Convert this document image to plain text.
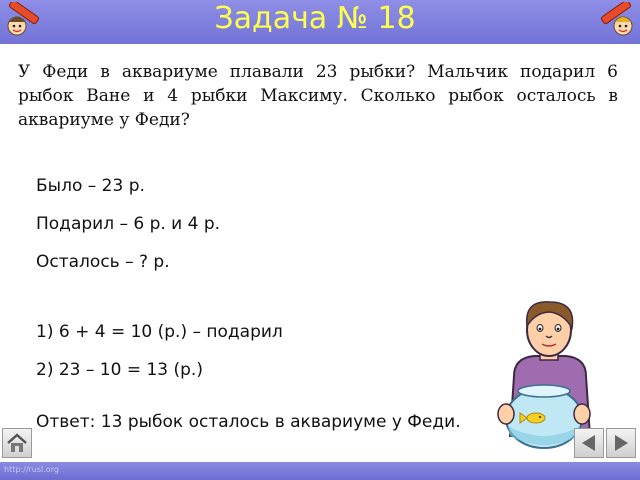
Задача № 18
У Феди в аквариуме плавали 23 рыбки? Мальчик подарил 6 рыбок Ване и 4 рыбки Максиму. Сколько рыбок осталось в аквариуме у Феди?
Было – 23 р.
Подарил – 6 р. и 4 р.
Осталось – ? р.
1) 6 + 4 = 10 (р.) – подарил
2) 23 – 10 = 13 (р.)
Ответ: 13 рыбок осталось в аквариуме у Феди.
http://rusl.org
